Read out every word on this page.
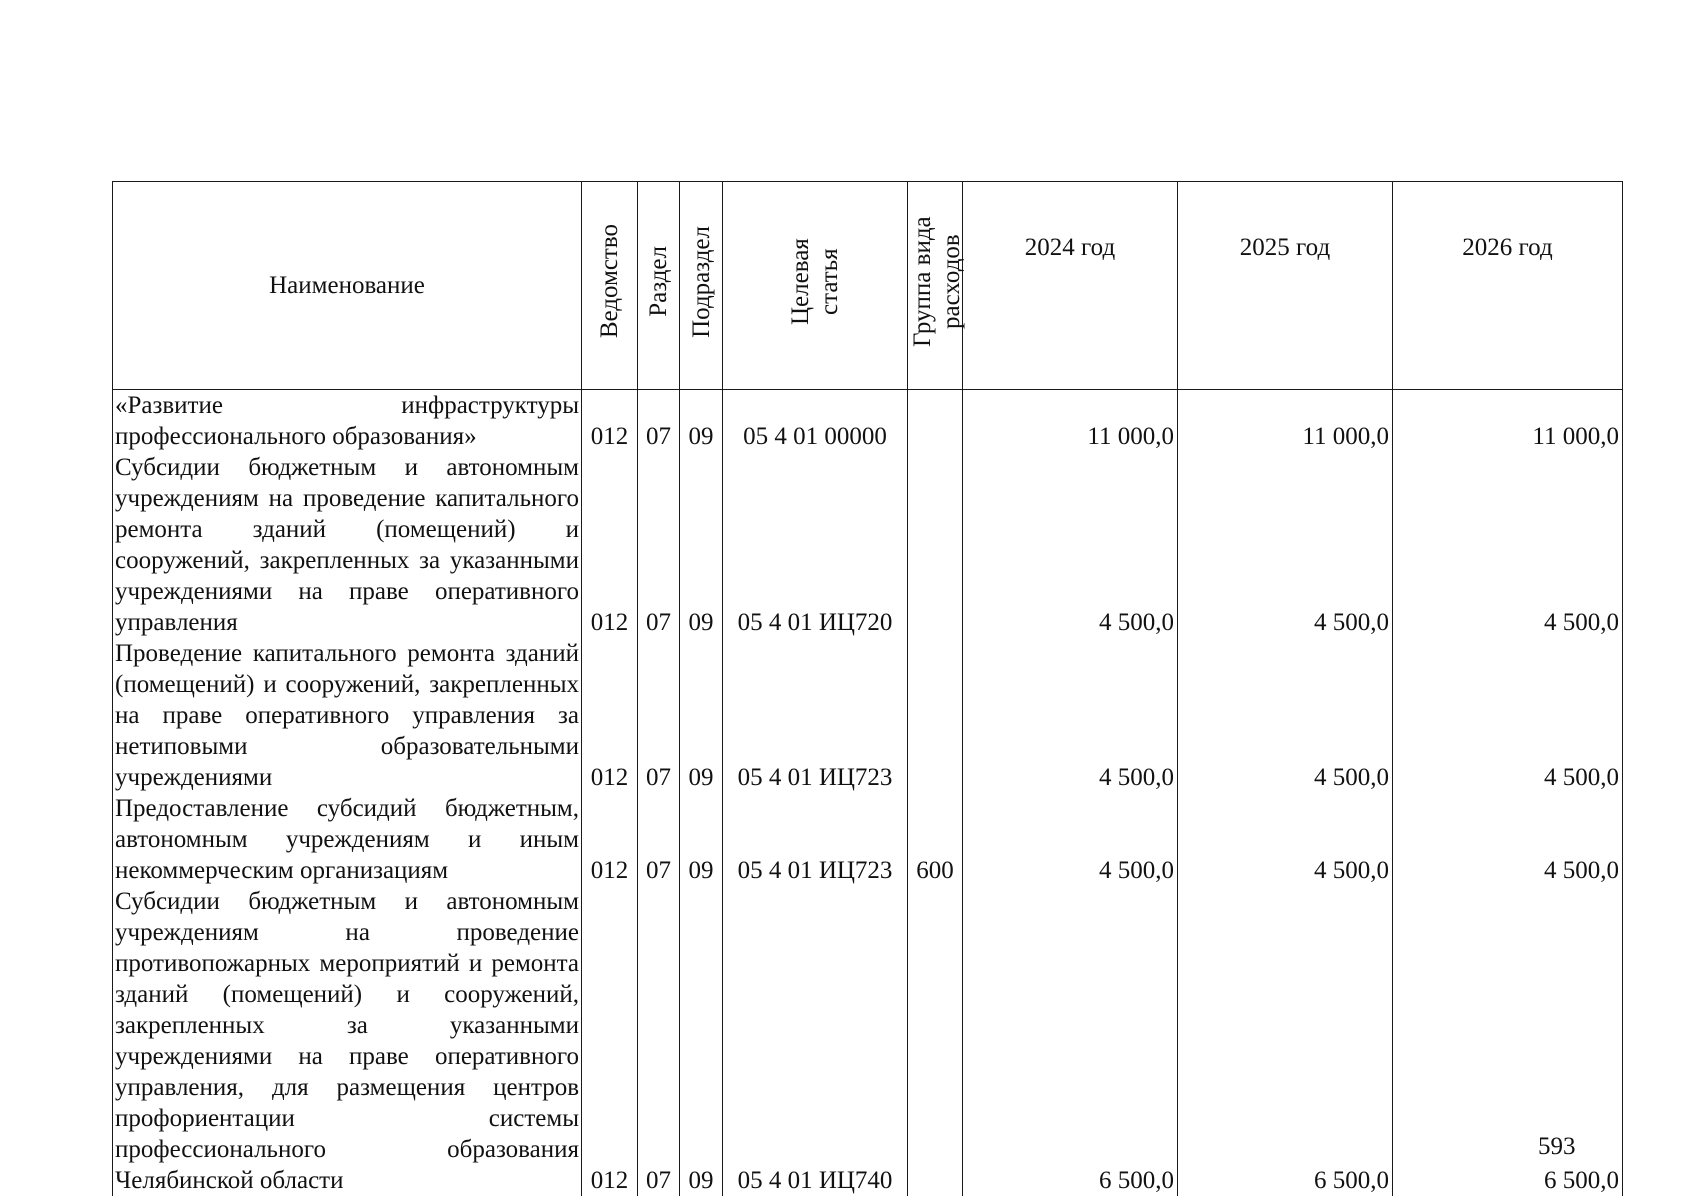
Наименование	Ведомство	Раздел	Подраздел	Целевая статья	Группа вида расходов	2024 год	2025 год	2026 год
«Развитие инфраструктуры профессионального образования»	012	07	09	05 4 01 00000		11 000,0	11 000,0	11 000,0
Субсидии бюджетным и автономным учреждениям на проведение капитального ремонта зданий (помещений) и сооружений, закрепленных за указанными учреждениями на праве оперативного управления	012	07	09	05 4 01 ИЦ720		4 500,0	4 500,0	4 500,0
Проведение капитального ремонта зданий (помещений) и сооружений, закрепленных на праве оперативного управления за нетиповыми образовательными учреждениями	012	07	09	05 4 01 ИЦ723		4 500,0	4 500,0	4 500,0
Предоставление субсидий бюджетным, автономным учреждениям и иным некоммерческим организациям	012	07	09	05 4 01 ИЦ723	600	4 500,0	4 500,0	4 500,0
Субсидии бюджетным и автономным учреждениям на проведение противопожарных мероприятий и ремонта зданий (помещений) и сооружений, закрепленных за указанными учреждениями на праве оперативного управления, для размещения центров профориентации системы профессионального образования Челябинской области	012	07	09	05 4 01 ИЦ740		6 500,0	6 500,0	6 500,0
593
